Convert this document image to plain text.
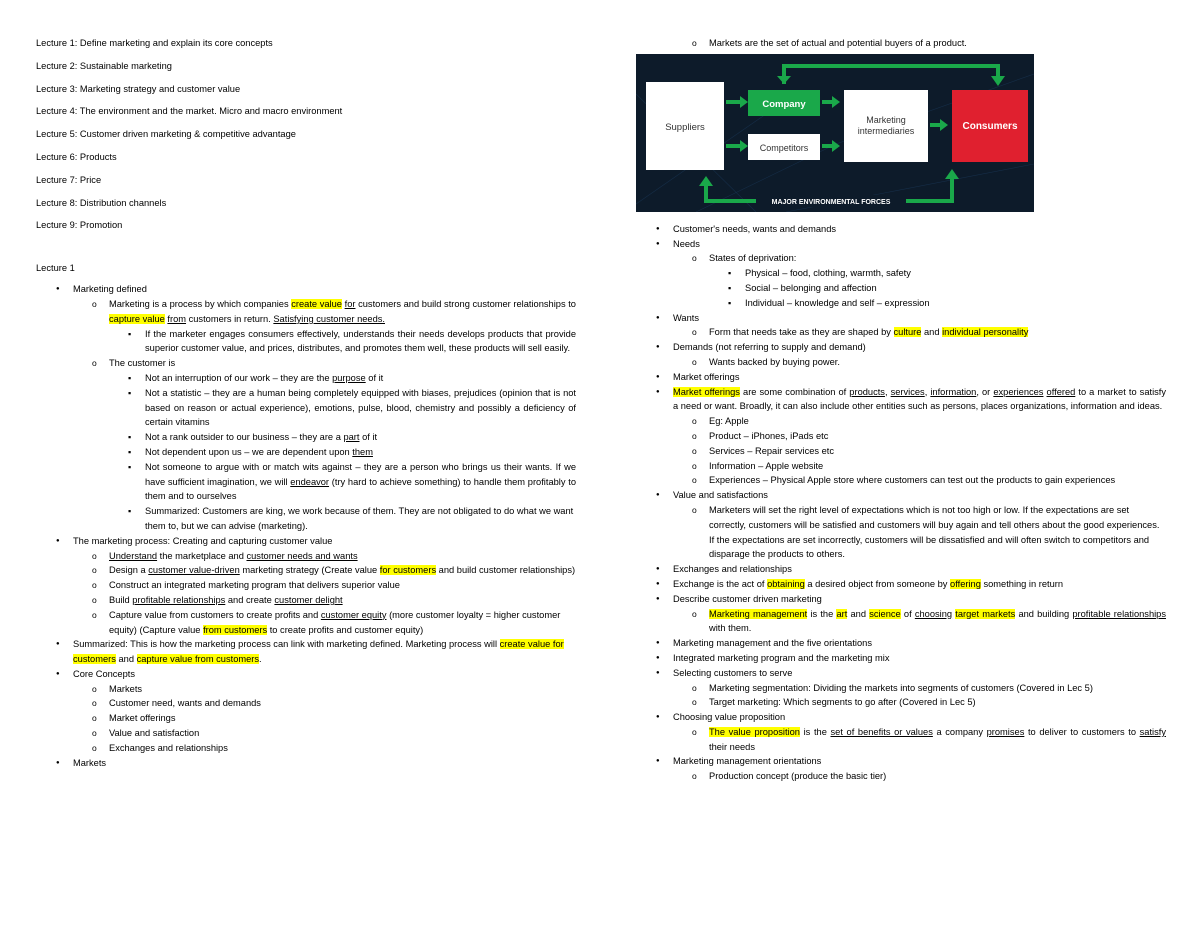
Lecture 1: Define marketing and explain its core concepts
Lecture 2: Sustainable marketing
Lecture 3: Marketing strategy and customer value
Lecture 4: The environment and the market. Micro and macro environment
Lecture 5: Customer driven marketing & competitive advantage
Lecture 6: Products
Lecture 7: Price
Lecture 8: Distribution channels
Lecture 9: Promotion
Lecture 1
● Marketing defined
o Marketing is a process by which companies create value for customers and build strong customer relationships to capture value from customers in return. Satisfying customer needs.
▪ If the marketer engages consumers effectively, understands their needs develops products that provide superior customer value, and prices, distributes, and promotes them well, these products will sell easily.
o The customer is
▪ Not an interruption of our work – they are the purpose of it
▪ Not a statistic – they are a human being completely equipped with biases, prejudices (opinion that is not based on reason or actual experience), emotions, pulse, blood, chemistry and possibly a deficiency of certain vitamins
▪ Not a rank outsider to our business – they are a part of it
▪ Not dependent upon us – we are dependent upon them
▪ Not someone to argue with or match wits against – they are a person who brings us their wants. If we have sufficient imagination, we will endeavor (try hard to achieve something) to handle them profitably to them and to ourselves
▪ Summarized: Customers are king, we work because of them. They are not obligated to do what we want them to, but we can advise (marketing).
● The marketing process: Creating and capturing customer value
o Understand the marketplace and customer needs and wants
o Design a customer value-driven marketing strategy (Create value for customers and build customer relationships)
o Construct an integrated marketing program that delivers superior value
o Build profitable relationships and create customer delight
o Capture value from customers to create profits and customer equity (more customer loyalty = higher customer equity) (Capture value from customers to create profits and customer equity)
● Summarized: This is how the marketing process can link with marketing defined. Marketing process will create value for customers and capture value from customers.
● Core Concepts
o Markets
o Customer need, wants and demands
o Market offerings
o Value and satisfaction
o Exchanges and relationships
● Markets
o Markets are the set of actual and potential buyers of a product.
Suppliers
Company
Competitors
Marketing
intermediaries	Consumers
MAJOR ENVIRONMENTAL FORCES
● Customer's needs, wants and demands
● Needs
o States of deprivation:
▪ Physical – food, clothing, warmth, safety
▪ Social – belonging and affection
▪ Individual – knowledge and self – expression
● Wants
o Form that needs take as they are shaped by culture and individual personality
● Demands (not referring to supply and demand)
o Wants backed by buying power.
● Market offerings
● Market offerings are some combination of products, services, information, or experiences offered to a market to satisfy a need or want. Broadly, it can also include other entities such as persons, places organizations, information and ideas.
o Eg: Apple
o Product – iPhones, iPads etc
o Services – Repair services etc
o Information – Apple website
o Experiences – Physical Apple store where customers can test out the products to gain experiences
● Value and satisfactions
o Marketers will set the right level of expectations which is not too high or low. If the expectations are set correctly, customers will be satisfied and customers will buy again and tell others about the good experiences. If the expectations are set incorrectly, customers will be dissatisfied and will often switch to competitors and disparage the products to others.
● Exchanges and relationships
● Exchange is the act of obtaining a desired object from someone by offering something in return
● Describe customer driven marketing
o Marketing management is the art and science of choosing target markets and building profitable relationships with them.
● Marketing management and the five orientations
● Integrated marketing program and the marketing mix
● Selecting customers to serve
o Marketing segmentation: Dividing the markets into segments of customers (Covered in Lec 5)
o Target marketing: Which segments to go after (Covered in Lec 5)
● Choosing value proposition
o The value proposition is the set of benefits or values a company promises to deliver to customers to satisfy their needs
● Marketing management orientations
o Production concept (produce the basic tier)
